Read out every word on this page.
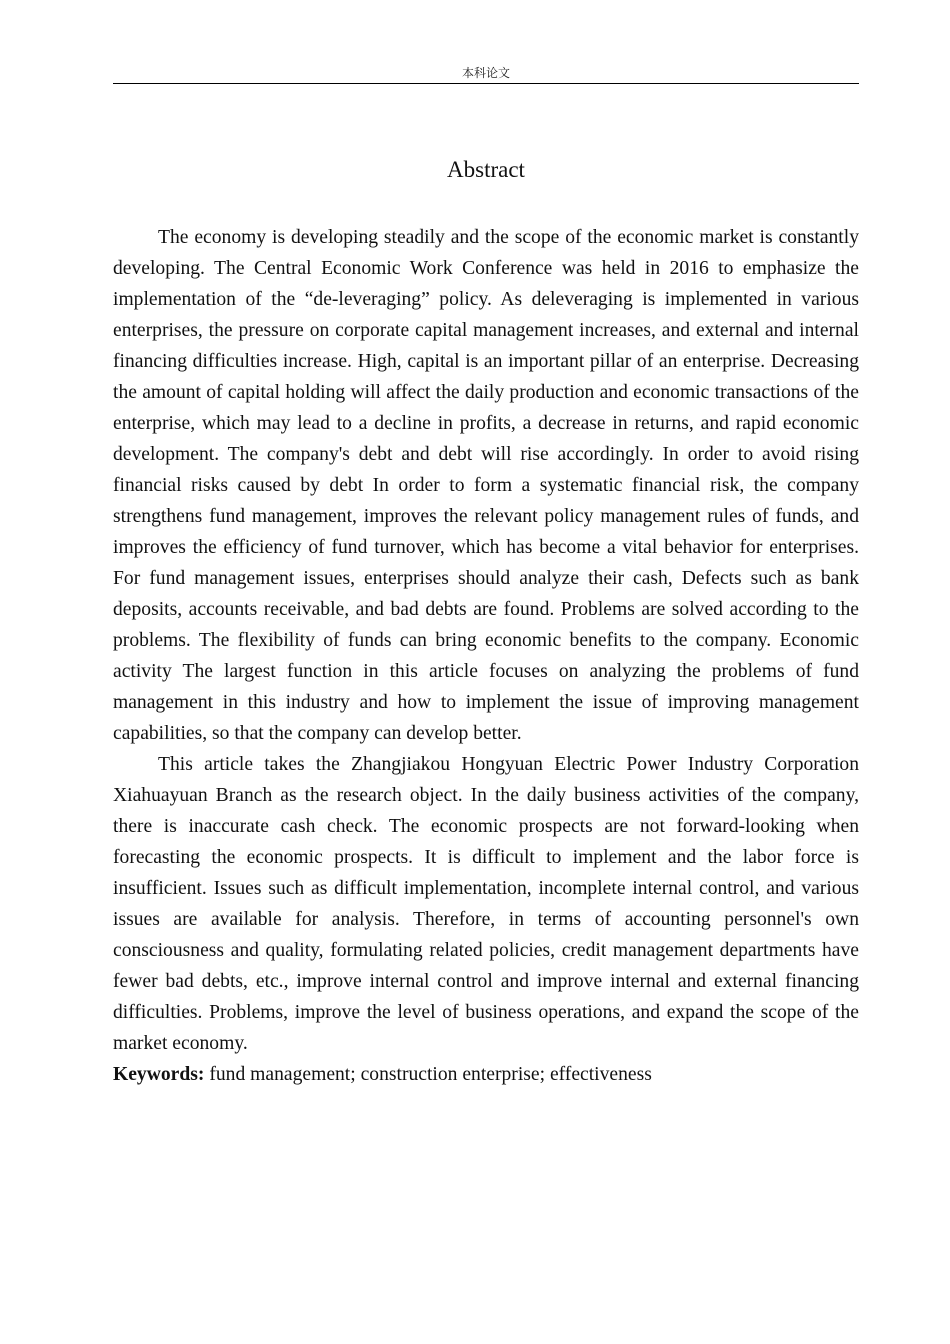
本科论文
Abstract

The economy is developing steadily and the scope of the economic market is constantly developing. The Central Economic Work Conference was held in 2016 to emphasize the implementation of the “de-leveraging” policy. As deleveraging is implemented in various enterprises, the pressure on corporate capital management increases, and external and internal financing difficulties increase. High, capital is an important pillar of an enterprise. Decreasing the amount of capital holding will affect the daily production and economic transactions of the enterprise, which may lead to a decline in profits, a decrease in returns, and rapid economic development. The company's debt and debt will rise accordingly. In order to avoid rising financial risks caused by debt In order to form a systematic financial risk, the company strengthens fund management, improves the relevant policy management rules of funds, and improves the efficiency of fund turnover, which has become a vital behavior for enterprises. For fund management issues, enterprises should analyze their cash, Defects such as bank deposits, accounts receivable, and bad debts are found. Problems are solved according to the problems. The flexibility of funds can bring economic benefits to the company. Economic activity The largest function in this article focuses on analyzing the problems of fund management in this industry and how to implement the issue of improving management capabilities, so that the company can develop better.

This article takes the Zhangjiakou Hongyuan Electric Power Industry Corporation Xiahuayuan Branch as the research object. In the daily business activities of the company, there is inaccurate cash check. The economic prospects are not forward-looking when forecasting the economic prospects. It is difficult to implement and the labor force is insufficient. Issues such as difficult implementation, incomplete internal control, and various issues are available for analysis. Therefore, in terms of accounting personnel's own consciousness and quality, formulating related policies, credit management departments have fewer bad debts, etc., improve internal control and improve internal and external financing difficulties. Problems, improve the level of business operations, and expand the scope of the market economy.

Keywords: fund management; construction enterprise; effectiveness
